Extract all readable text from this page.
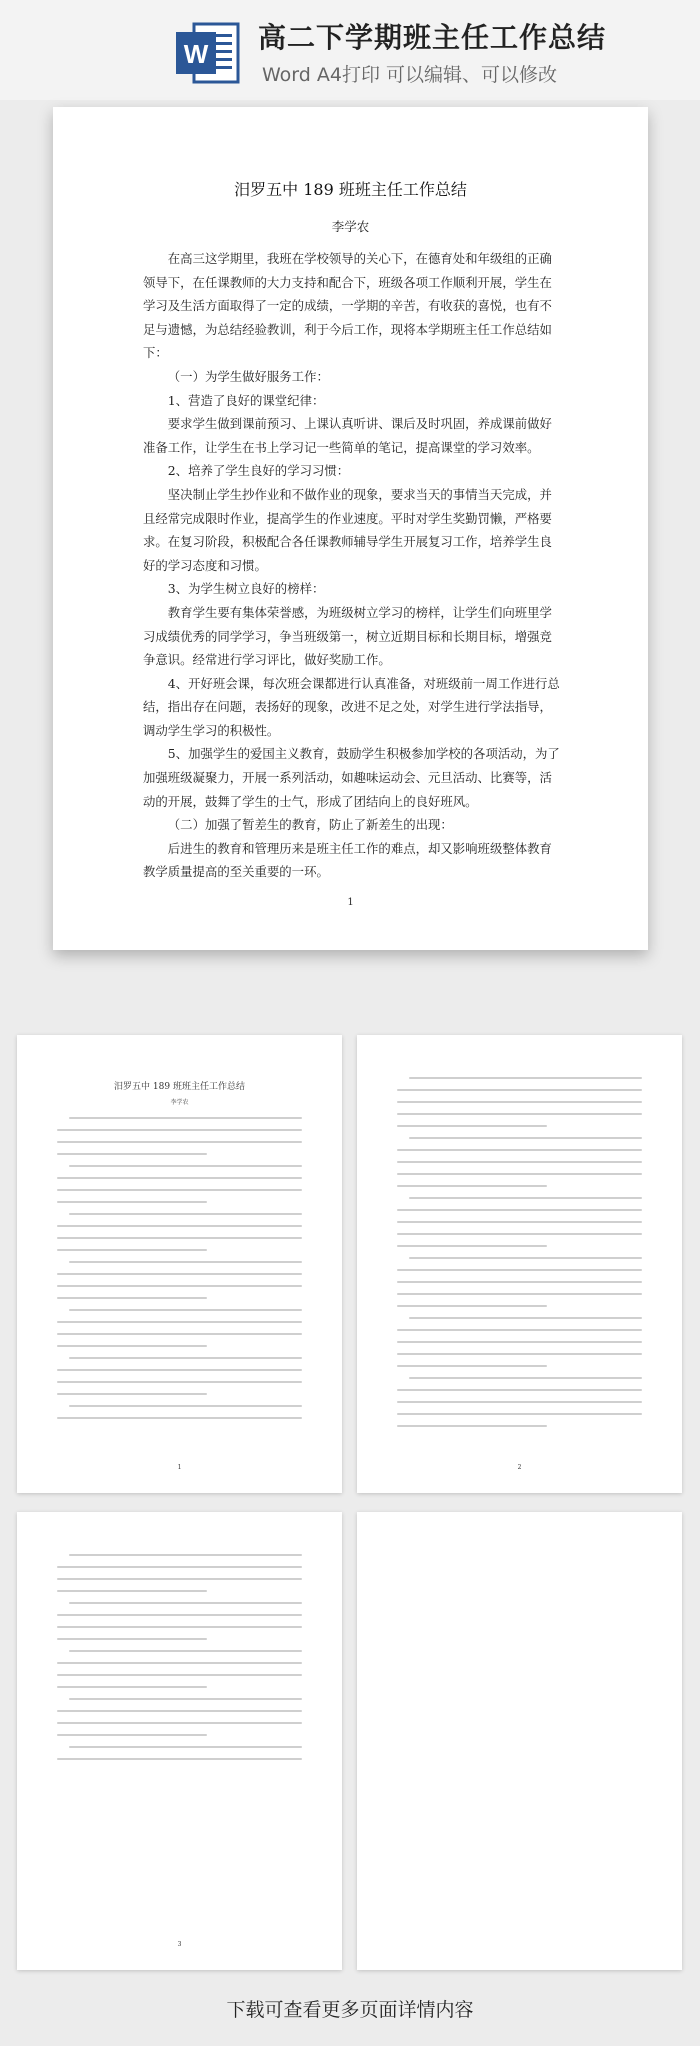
W 高二下学期班主任工作总结
Word A4打印 可以编辑、可以修改
汨罗五中 189 班班主任工作总结
李学农

在高三这学期里，我班在学校领导的关心下，在德育处和年级组的正确领导下，在任课教师的大力支持和配合下，班级各项工作顺利开展，学生在学习及生活方面取得了一定的成绩，一学期的辛苦，有收获的喜悦，也有不足与遗憾，为总结经验教训，利于今后工作，现将本学期班主任工作总结如下：

（一）为学生做好服务工作：

1、营造了良好的课堂纪律：

要求学生做到课前预习、上课认真听讲、课后及时巩固，养成课前做好准备工作，让学生在书上学习记一些简单的笔记，提高课堂的学习效率。

2、培养了学生良好的学习习惯：

坚决制止学生抄作业和不做作业的现象，要求当天的事情当天完成，并且经常完成限时作业，提高学生的作业速度。平时对学生奖勤罚懒，严格要求。在复习阶段，积极配合各任课教师辅导学生开展复习工作，培养学生良好的学习态度和习惯。

3、为学生树立良好的榜样：

教育学生要有集体荣誉感，为班级树立学习的榜样，让学生们向班里学习成绩优秀的同学学习，争当班级第一，树立近期目标和长期目标，增强竞争意识。经常进行学习评比，做好奖励工作。

4、开好班会课，每次班会课都进行认真准备，对班级前一周工作进行总结，指出存在问题，表扬好的现象，改进不足之处，对学生进行学法指导，调动学生学习的积极性。

5、加强学生的爱国主义教育，鼓励学生积极参加学校的各项活动，为了加强班级凝聚力，开展一系列活动，如趣味运动会、元旦活动、比赛等，活动的开展，鼓舞了学生的士气，形成了团结向上的良好班风。

（二）加强了暂差生的教育，防止了新差生的出现：

后进生的教育和管理历来是班主任工作的难点，却又影响班级整体教育教学质量提高的至关重要的一环。

1
汨罗五中 189 班班主任工作总结
李学农
1	2
3
下载可查看更多页面详情内容
